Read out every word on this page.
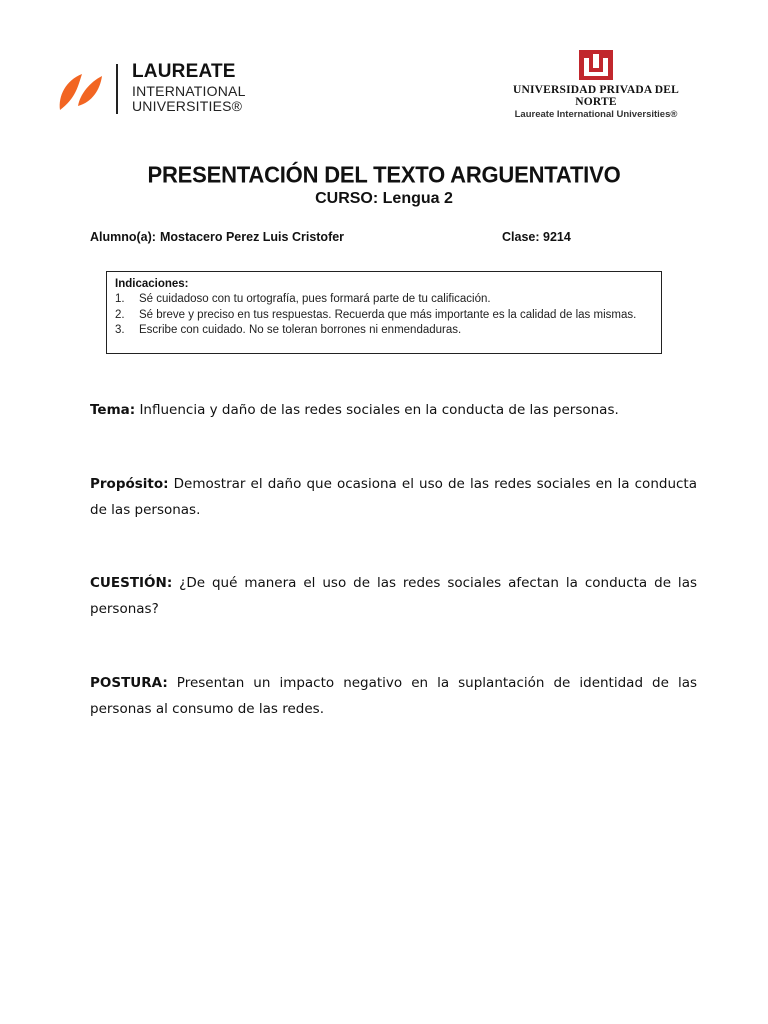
LAUREATE
INTERNATIONAL
UNIVERSITIES®
UNIVERSIDAD PRIVADA DEL NORTE
Laureate International Universities®
PRESENTACIÓN DEL TEXTO ARGUENTATIVO
CURSO: Lengua 2
Alumno(a): Mostacero Perez Luis Cristofer	Clase: 9214
Indicaciones:
1.	Sé cuidadoso con tu ortografía, pues formará parte de tu calificación.
2.	Sé breve y preciso en tus respuestas. Recuerda que más importante es la calidad de las mismas.
3.	Escribe con cuidado. No se toleran borrones ni enmendaduras.
Tema: Influencia y daño de las redes sociales en la conducta de las personas.
Propósito: Demostrar el daño que ocasiona el uso de las redes sociales en la conducta de las personas.
CUESTIÓN: ¿De qué manera el uso de las redes sociales afectan la conducta de las personas?
POSTURA: Presentan un impacto negativo en la suplantación de identidad de las personas al consumo de las redes.
